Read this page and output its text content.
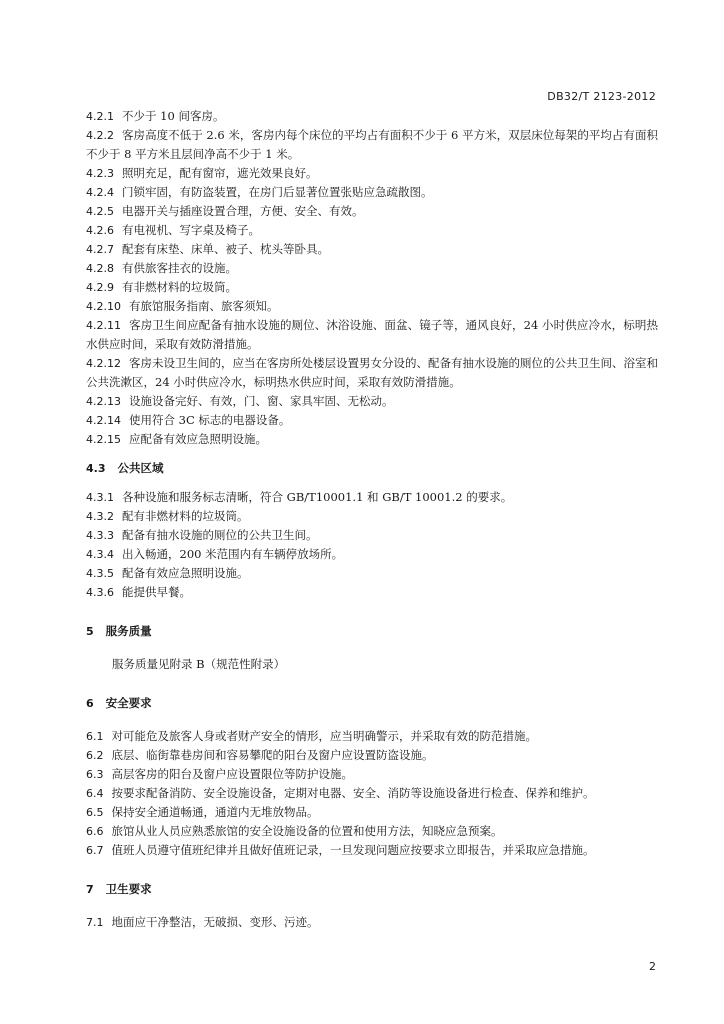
DB32/T 2123-2012
4.2.1 不少于 10 间客房。
4.2.2 客房高度不低于 2.6 米，客房内每个床位的平均占有面积不少于 6 平方米，双层床位每架的平均占有面积不少于 8 平方米且层间净高不少于 1 米。
4.2.3 照明充足，配有窗帘，遮光效果良好。
4.2.4 门锁牢固，有防盗装置，在房门后显著位置张贴应急疏散图。
4.2.5 电器开关与插座设置合理，方便、安全、有效。
4.2.6 有电视机、写字桌及椅子。
4.2.7 配套有床垫、床单、被子、枕头等卧具。
4.2.8 有供旅客挂衣的设施。
4.2.9 有非燃材料的垃圾筒。
4.2.10 有旅馆服务指南、旅客须知。
4.2.11 客房卫生间应配备有抽水设施的厕位、沐浴设施、面盆、镜子等，通风良好，24 小时供应冷水，标明热水供应时间，采取有效防滑措施。
4.2.12 客房未设卫生间的，应当在客房所处楼层设置男女分设的、配备有抽水设施的厕位的公共卫生间、浴室和公共洗漱区，24 小时供应冷水，标明热水供应时间，采取有效防滑措施。
4.2.13 设施设备完好、有效，门、窗、家具牢固、无松动。
4.2.14 使用符合 3C 标志的电器设备。
4.2.15 应配备有效应急照明设施。
4.3 公共区域
4.3.1 各种设施和服务标志清晰，符合 GB/T10001.1 和 GB/T 10001.2 的要求。
4.3.2 配有非燃材料的垃圾筒。
4.3.3 配备有抽水设施的厕位的公共卫生间。
4.3.4 出入畅通，200 米范围内有车辆停放场所。
4.3.5 配备有效应急照明设施。
4.3.6 能提供早餐。
5 服务质量
服务质量见附录 B（规范性附录）
6 安全要求
6.1 对可能危及旅客人身或者财产安全的情形，应当明确警示，并采取有效的防范措施。
6.2 底层、临街靠巷房间和容易攀爬的阳台及窗户应设置防盗设施。
6.3 高层客房的阳台及窗户应设置限位等防护设施。
6.4 按要求配备消防、安全设施设备，定期对电器、安全、消防等设施设备进行检查、保养和维护。
6.5 保持安全通道畅通，通道内无堆放物品。
6.6 旅馆从业人员应熟悉旅馆的安全设施设备的位置和使用方法，知晓应急预案。
6.7 值班人员遵守值班纪律并且做好值班记录，一旦发现问题应按要求立即报告，并采取应急措施。
7 卫生要求
7.1 地面应干净整洁，无破损、变形、污迹。
2
